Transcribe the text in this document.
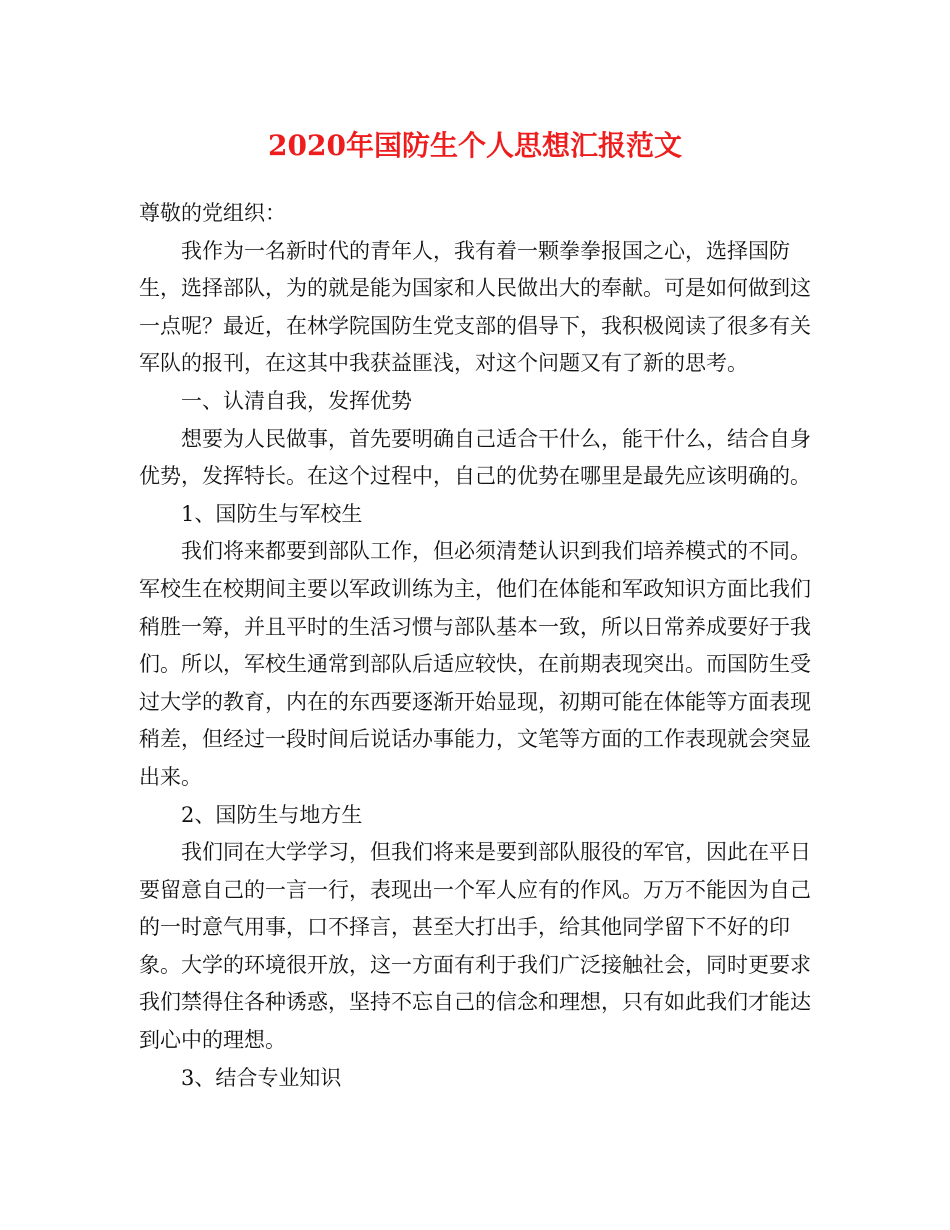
2020年国防生个人思想汇报范文

尊敬的党组织：

我作为一名新时代的青年人，我有着一颗拳拳报国之心，选择国防生，选择部队，为的就是能为国家和人民做出大的奉献。可是如何做到这一点呢？最近，在林学院国防生党支部的倡导下，我积极阅读了很多有关军队的报刊，在这其中我获益匪浅，对这个问题又有了新的思考。

一、认清自我，发挥优势

想要为人民做事，首先要明确自己适合干什么，能干什么，结合自身优势，发挥特长。在这个过程中，自己的优势在哪里是最先应该明确的。

1、国防生与军校生

我们将来都要到部队工作，但必须清楚认识到我们培养模式的不同。军校生在校期间主要以军政训练为主，他们在体能和军政知识方面比我们稍胜一筹，并且平时的生活习惯与部队基本一致，所以日常养成要好于我们。所以，军校生通常到部队后适应较快，在前期表现突出。而国防生受过大学的教育，内在的东西要逐渐开始显现，初期可能在体能等方面表现稍差，但经过一段时间后说话办事能力，文笔等方面的工作表现就会突显出来。

2、国防生与地方生

我们同在大学学习，但我们将来是要到部队服役的军官，因此在平日要留意自己的一言一行，表现出一个军人应有的作风。万万不能因为自己的一时意气用事，口不择言，甚至大打出手，给其他同学留下不好的印象。大学的环境很开放，这一方面有利于我们广泛接触社会，同时更要求我们禁得住各种诱惑，坚持不忘自己的信念和理想，只有如此我们才能达到心中的理想。

3、结合专业知识
